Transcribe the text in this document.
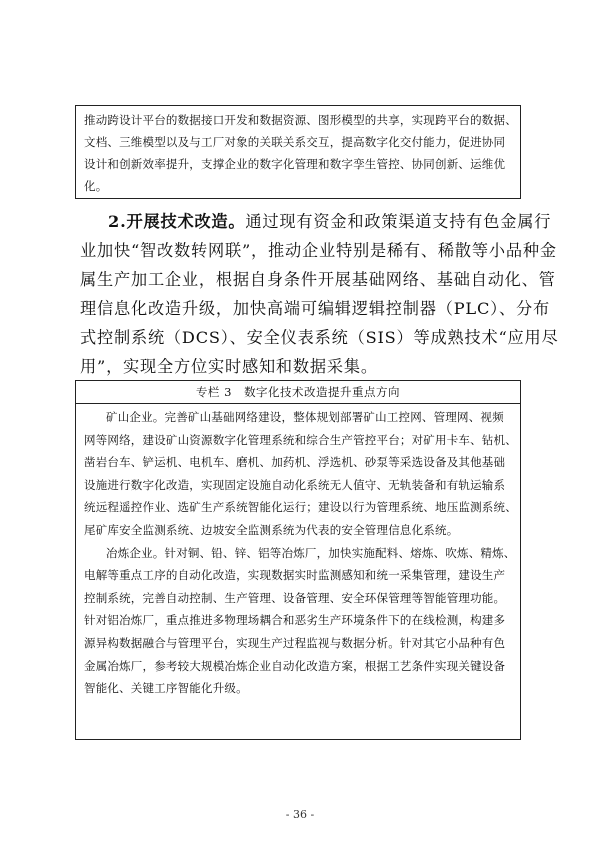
推动跨设计平台的数据接口开发和数据资源、图形模型的共享，实现跨平台的数据、
文档、三维模型以及与工厂对象的关联关系交互，提高数字化交付能力，促进协同
设计和创新效率提升，支撑企业的数字化管理和数字孪生管控、协同创新、运维优
化。
2.开展技术改造。通过现有资金和政策渠道支持有色金属行
业加快“智改数转网联”，推动企业特别是稀有、稀散等小品种金
属生产加工企业，根据自身条件开展基础网络、基础自动化、管
理信息化改造升级，加快高端可编辑逻辑控制器（PLC）、分布
式控制系统（DCS）、安全仪表系统（SIS）等成熟技术“应用尽
用”，实现全方位实时感知和数据采集。
专栏 3 数字化技术改造提升重点方向
矿山企业。完善矿山基础网络建设，整体规划部署矿山工控网、管理网、视频
网等网络，建设矿山资源数字化管理系统和综合生产管控平台；对矿用卡车、钻机、
凿岩台车、铲运机、电机车、磨机、加药机、浮选机、砂泵等采选设备及其他基础
设施进行数字化改造，实现固定设施自动化系统无人值守、无轨装备和有轨运输系
统远程遥控作业、选矿生产系统智能化运行；建设以行为管理系统、地压监测系统、
尾矿库安全监测系统、边坡安全监测系统为代表的安全管理信息化系统。
冶炼企业。针对铜、铅、锌、铝等冶炼厂，加快实施配料、熔炼、吹炼、精炼、
电解等重点工序的自动化改造，实现数据实时监测感知和统一采集管理，建设生产
控制系统，完善自动控制、生产管理、设备管理、安全环保管理等智能管理功能。
针对铝冶炼厂，重点推进多物理场耦合和恶劣生产环境条件下的在线检测，构建多
源异构数据融合与管理平台，实现生产过程监视与数据分析。针对其它小品种有色
金属冶炼厂，参考较大规模冶炼企业自动化改造方案，根据工艺条件实现关键设备
智能化、关键工序智能化升级。
- 36 -
